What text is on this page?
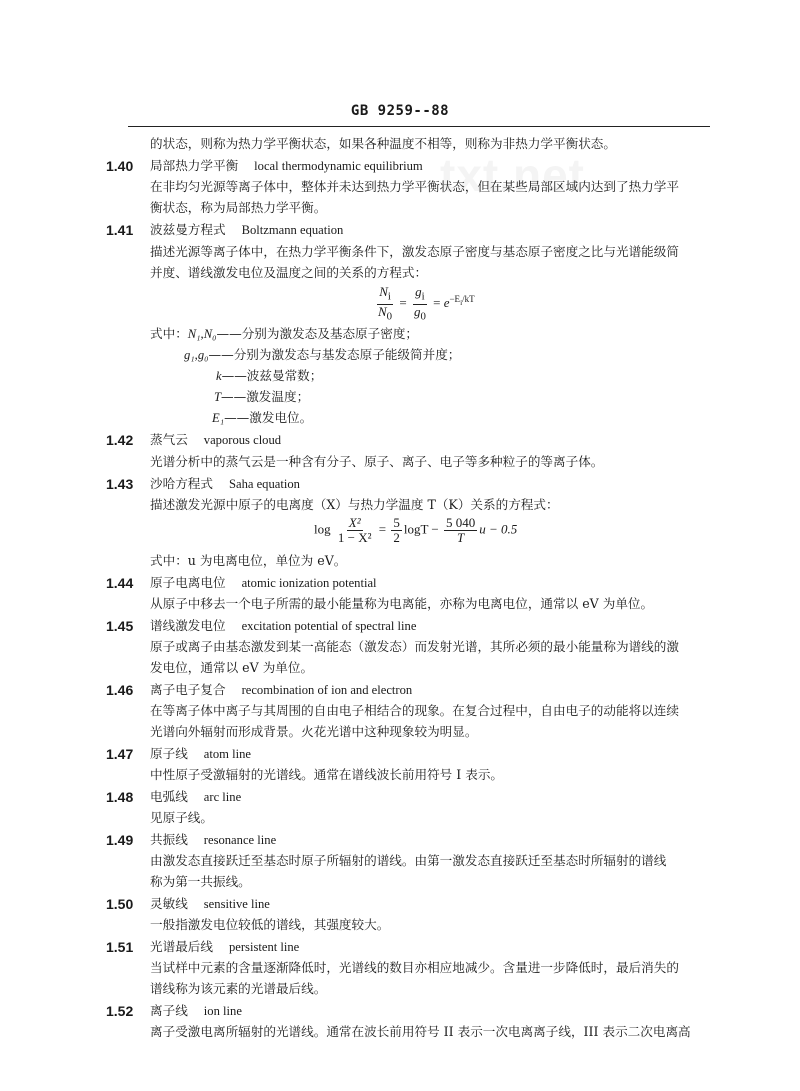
txt.net
GB 9259--88
的状态，则称为热力学平衡状态，如果各种温度不相等，则称为非热力学平衡状态。
1.40 局部热力学平衡 local thermodynamic equilibrium
在非均匀光源等离子体中，整体并未达到热力学平衡状态，但在某些局部区域内达到了热力学平
衡状态，称为局部热力学平衡。
1.41 波兹曼方程式 Boltzmann equation
描述光源等离子体中，在热力学平衡条件下，激发态原子密度与基态原子密度之比与光谱能级简
并度、谱线激发电位及温度之间的关系的方程式：
$\frac{N_i}{N_0} = \frac{g_i}{g_0} = e^{-E_i/kT}$
式中：N₁,N₀——分别为激发态及基态原子密度；
g₁,g₀——分别为激发态与基发态原子能级简并度；
k——波兹曼常数；
T——激发温度；
E₁——激发电位。
1.42 蒸气云 vaporous cloud
光谱分析中的蒸气云是一种含有分子、原子、离子、电子等多种粒子的等离子体。
1.43 沙哈方程式 Saha equation
描述激发光源中原子的电离度（X）与热力学温度 T（K）关系的方程式：
$\log \frac{\text{X²}}{\text{1 − X²}} = \frac{5}{2}$ $\log T - \frac{5 040}{T}$ u − 0.5
式中：u 为电离电位，单位为 eV。
1.44 原子电离电位 atomic ionization potential
从原子中移去一个电子所需的最小能量称为电离能，亦称为电离电位，通常以 eV 为单位。
1.45 谱线激发电位 excitation potential of spectral line
原子或离子由基态激发到某一高能态（激发态）而发射光谱，其所必须的最小能量称为谱线的激
发电位，通常以 eV 为单位。
1.46 离子电子复合 recombination of ion and electron
在等离子体中离子与其周围的自由电子相结合的现象。在复合过程中，自由电子的动能将以连续
光谱向外辐射而形成背景。火花光谱中这种现象较为明显。
1.47 原子线 atom line
中性原子受激辐射的光谱线。通常在谱线波长前用符号 I 表示。
1.48 电弧线 arc line
见原子线。
1.49 共振线 resonance line
由激发态直接跃迁至基态时原子所辐射的谱线。由第一激发态直接跃迁至基态时所辐射的谱线
称为第一共振线。
1.50 灵敏线 sensitive line
一般指激发电位较低的谱线，其强度较大。
1.51 光谱最后线 persistent line
当试样中元素的含量逐渐降低时，光谱线的数目亦相应地减少。含量进一步降低时，最后消失的
谱线称为该元素的光谱最后线。
1.52 离子线 ion line
离子受激电离所辐射的光谱线。通常在波长前用符号 II 表示一次电离离子线，III 表示二次电离高
